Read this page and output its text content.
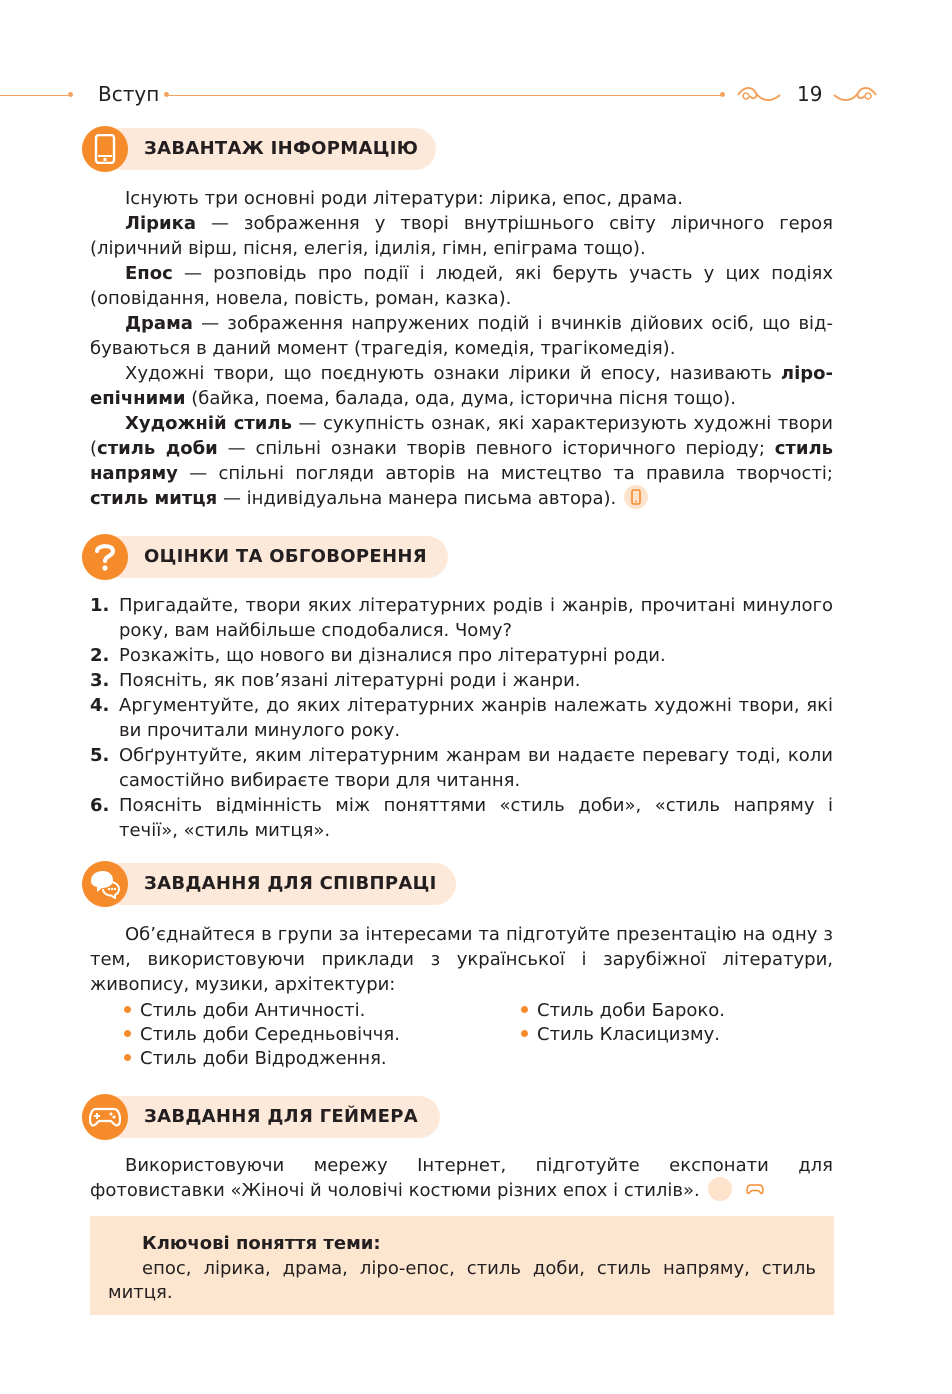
Вступ	19
ЗАВАНТАЖ ІНФОРМАЦІЮ
Існують три основні роди літератури: лірика, епос, драма.
Лірика — зображення у творі внутрішнього світу ліричного героя
(ліричний вірш, пісня, елегія, ідилія, гімн, епіграма тощо).
Епос — розповідь про події і людей, які беруть участь у цих подіях
(оповідання, новела, повість, роман, казка).
Драма — зображення напружених подій і вчинків дійових осіб, що від-
буваються в даний момент (трагедія, комедія, трагікомедія).
Художні твори, що поєднують ознаки лірики й епосу, називають ліро-
епічними (байка, поема, балада, ода, дума, історична пісня тощо).
Художній стиль — сукупність ознак, які характеризують художні твори
(стиль доби — спільні ознаки творів певного історичного періоду; стиль
напряму — спільні погляди авторів на мистецтво та правила творчості;
стиль митця — індивідуальна манера письма автора).
ОЦІНКИ ТА ОБГОВОРЕННЯ
1. Пригадайте, твори яких літературних родів і жанрів, прочитані минулого року, вам найбільше сподобалися. Чому?
2. Розкажіть, що нового ви дізналися про літературні роди.
3. Поясніть, як пов’язані літературні роди і жанри.
4. Аргументуйте, до яких літературних жанрів належать художні твори, які ви прочитали минулого року.
5. Обґрунтуйте, яким літературним жанрам ви надаєте перевагу тоді, коли самостійно вибираєте твори для читання.
6. Поясніть відмінність між поняттями «стиль доби», «стиль напряму і течії», «стиль митця».
ЗАВДАННЯ ДЛЯ СПІВПРАЦІ
Об’єднайтеся в групи за інтересами та підготуйте презентацію на одну з тем, використовуючи приклади з української і зарубіжної літератури, живопису, музики, архітектури:
Стиль доби Античності.
Стиль доби Середньовіччя.
Стиль доби Відродження.
Стиль доби Бароко.
Стиль Класицизму.
ЗАВДАННЯ ДЛЯ ГЕЙМЕРА
Використовуючи мережу Інтернет, підготуйте експонати для фотовиставки «Жіночі й чоловічі костюми різних епох і стилів».
Ключові поняття теми:
епос, лірика, драма, ліро-епос, стиль доби, стиль напряму, стиль митця.
